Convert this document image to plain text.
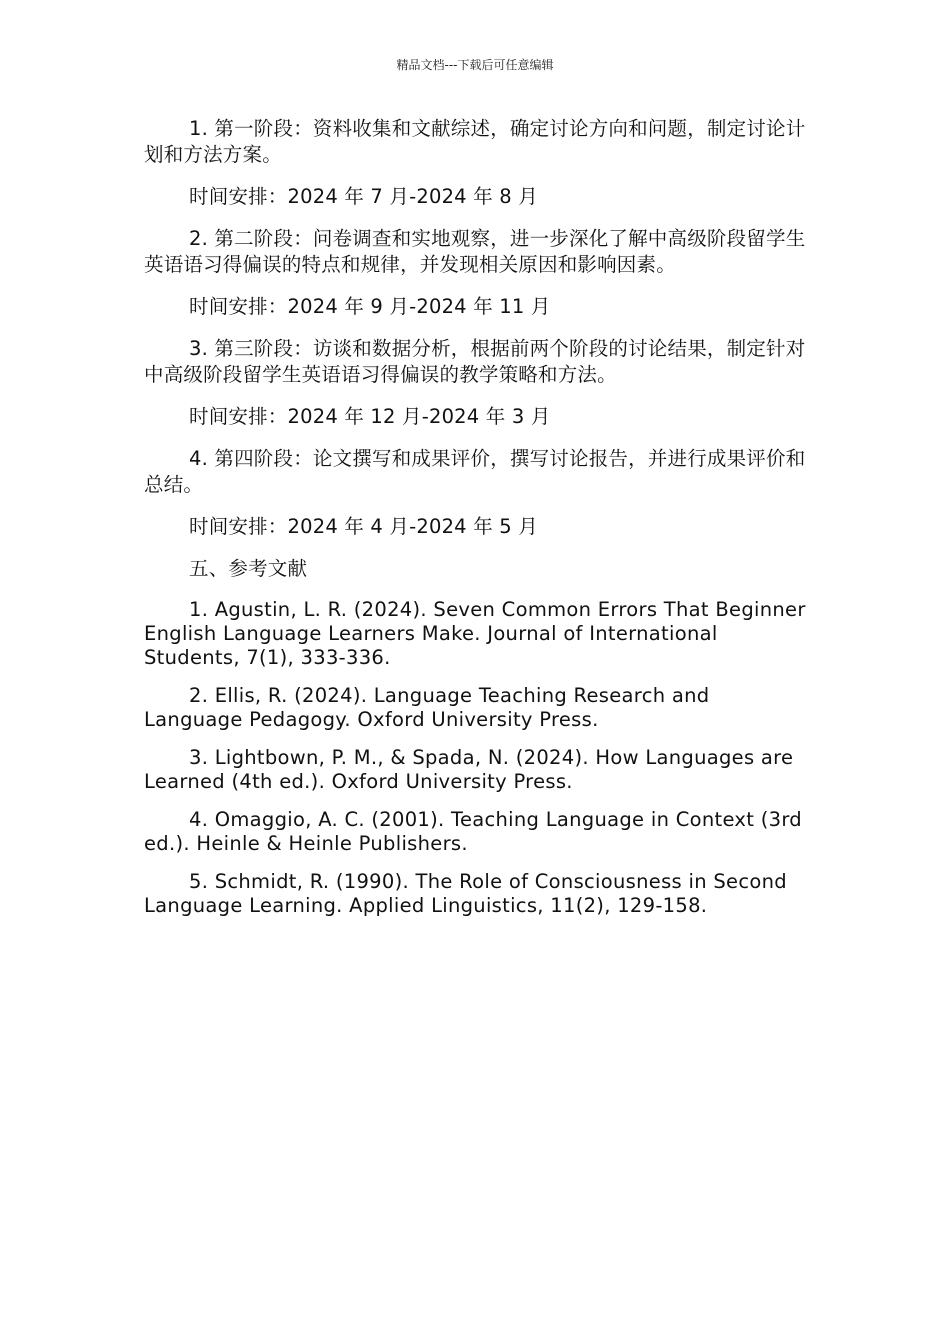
精品文档---下载后可任意编辑

1. 第一阶段：资料收集和文献综述，确定讨论方向和问题，制定讨论计划和方法方案。

时间安排：2024 年 7 月-2024 年 8 月

2. 第二阶段：问卷调查和实地观察，进一步深化了解中高级阶段留学生英语语习得偏误的特点和规律，并发现相关原因和影响因素。

时间安排：2024 年 9 月-2024 年 11 月

3. 第三阶段：访谈和数据分析，根据前两个阶段的讨论结果，制定针对中高级阶段留学生英语语习得偏误的教学策略和方法。

时间安排：2024 年 12 月-2024 年 3 月

4. 第四阶段：论文撰写和成果评价，撰写讨论报告，并进行成果评价和总结。

时间安排：2024 年 4 月-2024 年 5 月

五、参考文献

1. Agustin, L. R. (2024). Seven Common Errors That Beginner English Language Learners Make. Journal of International Students, 7(1), 333-336.

2. Ellis, R. (2024). Language Teaching Research and Language Pedagogy. Oxford University Press.

3. Lightbown, P. M., & Spada, N. (2024). How Languages are Learned (4th ed.). Oxford University Press.

4. Omaggio, A. C. (2001). Teaching Language in Context (3rd ed.). Heinle & Heinle Publishers.

5. Schmidt, R. (1990). The Role of Consciousness in Second Language Learning. Applied Linguistics, 11(2), 129-158.
